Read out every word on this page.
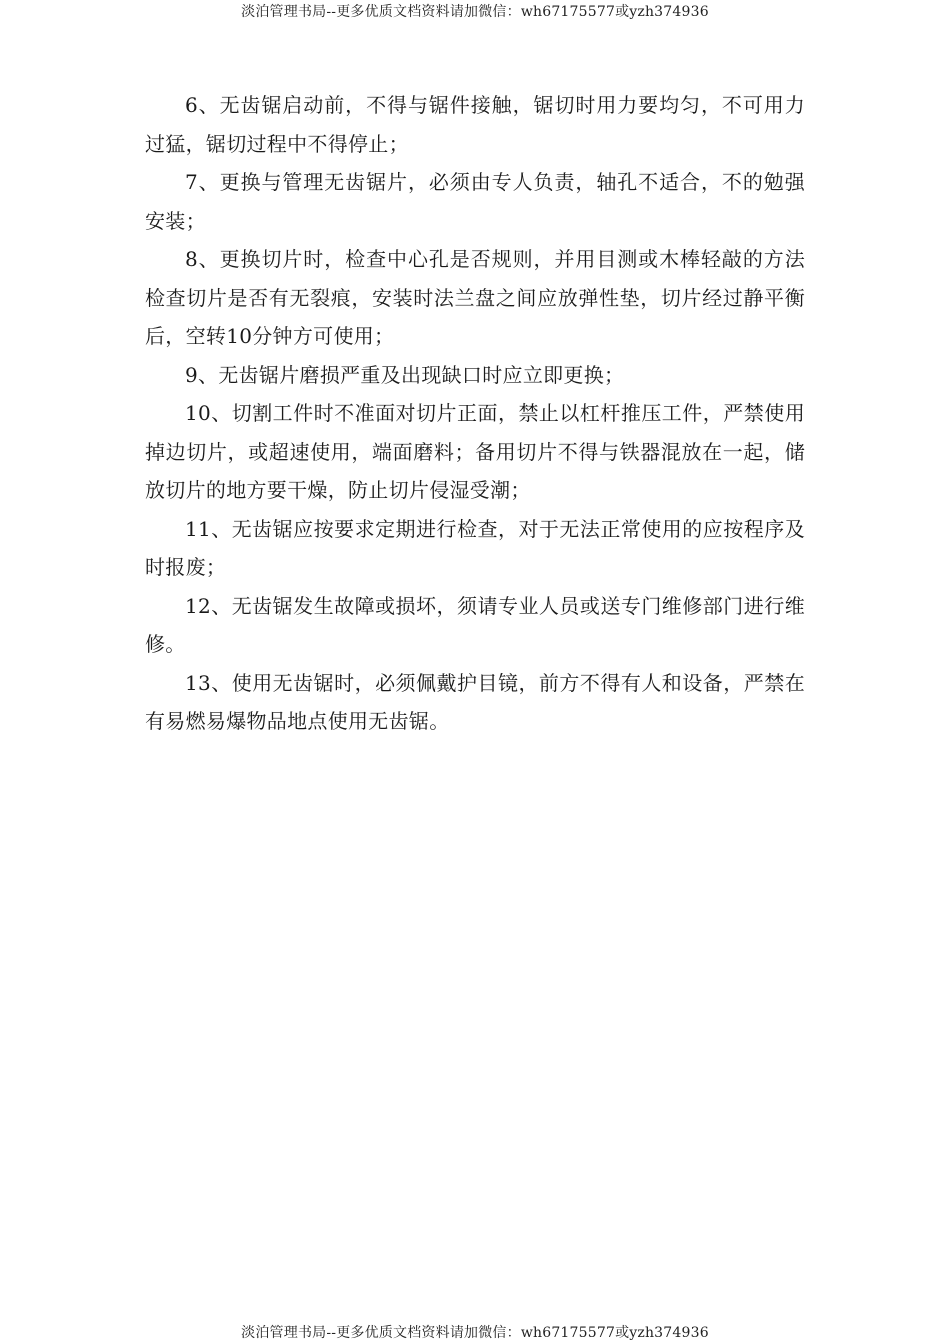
淡泊管理书局--更多优质文档资料请加微信：wh67175577或yzh374936

6、无齿锯启动前，不得与锯件接触，锯切时用力要均匀，不可用力过猛，锯切过程中不得停止；

7、更换与管理无齿锯片，必须由专人负责，轴孔不适合，不的勉强安装；

8、更换切片时，检查中心孔是否规则，并用目测或木棒轻敲的方法检查切片是否有无裂痕，安装时法兰盘之间应放弹性垫，切片经过静平衡后，空转10分钟方可使用；

9、无齿锯片磨损严重及出现缺口时应立即更换；

10、切割工件时不准面对切片正面，禁止以杠杆推压工件，严禁使用掉边切片，或超速使用，端面磨料；备用切片不得与铁器混放在一起，储放切片的地方要干燥，防止切片侵湿受潮；

11、无齿锯应按要求定期进行检查，对于无法正常使用的应按程序及时报废；

12、无齿锯发生故障或损坏，须请专业人员或送专门维修部门进行维修。

13、使用无齿锯时，必须佩戴护目镜，前方不得有人和设备，严禁在有易燃易爆物品地点使用无齿锯。

淡泊管理书局--更多优质文档资料请加微信：wh67175577或yzh374936
